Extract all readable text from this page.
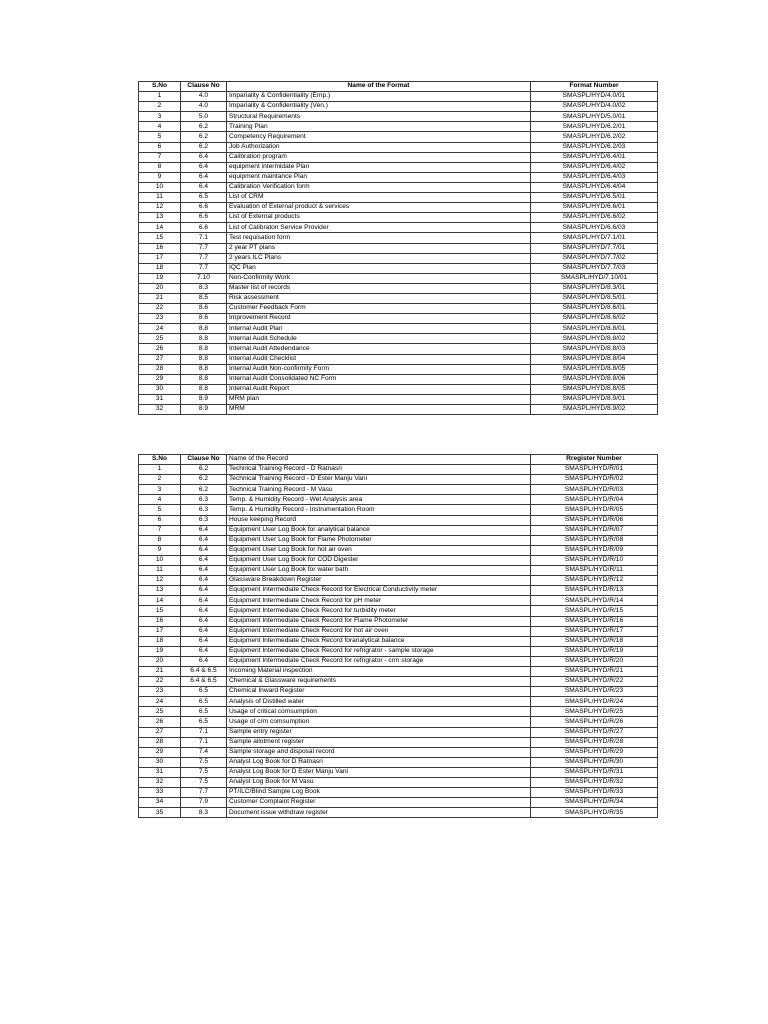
S.No	Clause No	Name of the Format	Format Number
1	4.0	Impariality & Confidentiality (Emp.)	SMASPL/HYD/4.0/01
2	4.0	Impariality & Confidentiality (Ven.)	SMASPL/HYD/4.0/02
3	5.0	Structural Requirements	SMASPL/HYD/5.0/01
4	6.2	Training Plan	SMASPL/HYD/6.2/01
5	6.2	Competency Requirement	SMASPL/HYD/6.2/02
6	6.2	Job Authorization	SMASPL/HYD/6.2/03
7	6.4	Calibration program	SMASPL/HYD/6.4/01
8	6.4	equipment intermidate Plan	SMASPL/HYD/6.4/02
9	6.4	equipment maintance Plan	SMASPL/HYD/6.4/03
10	6.4	Calibration Verification form	SMASPL/HYD/6.4/04
11	6.5	List of CRM	SMASPL/HYD/6.5/01
12	6.6	Evaluation of External product & services	SMASPL/HYD/6.6/01
13	6.6	List of External products	SMASPL/HYD/6.6/02
14	6.6	List of Calibraton Service Provider	SMASPL/HYD/6.6/03
15	7.1	Test requisation form	SMASPL/HYD/7.1/01
16	7.7	2 year PT plans	SMASPL/HYD/7.7/01
17	7.7	2 years ILC Plans	SMASPL/HYD/7.7/02
18	7.7	IQC Plan	SMASPL/HYD/7.7/03
19	7.10	Non-Confirmity Work	SMASPL/HYD/7.10/01
20	8.3	Master list of records	SMASPL/HYD/8.3/01
21	8.5	Risk assessment	SMASPL/HYD/8.5/01
22	8.6	Customer Feedback Form	SMASPL/HYD/8.6/01
23	8.6	Improvement Record	SMASPL/HYD/8.6/02
24	8.8	Internal Audit Plan	SMASPL/HYD/8.8/01
25	8.8	Internal Audit Schedule	SMASPL/HYD/8.8/02
26	8.8	Internal Audit Attedendance	SMASPL/HYD/8.8/03
27	8.8	Internal Audit Checklist	SMASPL/HYD/8.8/04
28	8.8	Internal Audit Non-confirmity Form	SMASPL/HYD/8.8/05
29	8.8	Internal Audit Consolidated NC Form	SMASPL/HYD/8.8/06
30	8.8	Internal Audit Report	SMASPL/HYD/8.8/05
31	8.9	MRM plan	SMASPL/HYD/8.9/01
32	8.9	MRM	SMASPL/HYD/8.9/02
S.No	Clause No	Name of the Record	Rregister Number
1	6.2	Technical Training Record - D Ratnasri	SMASPL/HYD/R/01
2	6.2	Technical Training Record - D Ester Manju Vani	SMASPL/HYD/R/02
3	6.2	Technical Training Record - M Vasu	SMASPL/HYD/R/03
4	6.3	Temp. & Humidity Record - Wet Analysis area	SMASPL/HYD/R/04
5	6.3	Temp. & Humidity Record - Instrumentation Room	SMASPL/HYD/R/05
6	6.3	House keeping Record	SMASPL/HYD/R/06
7	6.4	Equipment User Log Book for analytical balance	SMASPL/HYD/R/07
8	6.4	Equipment User Log Book for Flame Photometer	SMASPL/HYD/R/08
9	6.4	Equipment User Log Book for hot air oven	SMASPL/HYD/R/09
10	6.4	Equipment User Log Book for COD Digester	SMASPL/HYD/R/10
11	6.4	Equipment User Log Book for water bath	SMASPL/HYD/R/11
12	6.4	Glassware Breakdown Register	SMASPL/HYD/R/12
13	6.4	Equipment Intermediate Check Record for Electrical Conductivity meter	SMASPL/HYD/R/13
14	6.4	Equipment Intermediate Check Record for pH meter	SMASPL/HYD/R/14
15	6.4	Equipment Intermediate Check Record for turbidity meter	SMASPL/HYD/R/15
16	6.4	Equipment Intermediate Check Record for Flame Photometer	SMASPL/HYD/R/16
17	6.4	Equipment Intermediate Check Record for hot air oven	SMASPL/HYD/R/17
18	6.4	Equipment Intermediate Check Record foranalytical balance	SMASPL/HYD/R/18
19	6.4	Equipment Intermediate Check Record for refrigrator - sample storage	SMASPL/HYD/R/19
20	6.4	Equipment Intermediate Check Record for refrigrator - crm storage	SMASPL/HYD/R/20
21	6.4 & 6.5	Incoming Material inspection	SMASPL/HYD/R/21
22	6.4 & 6.5	Chemical & Glassware requirements	SMASPL/HYD/R/22
23	6.5	Chemical Inward Register	SMASPL/HYD/R/23
24	6.5	Analysis of Distilled water	SMASPL/HYD/R/24
25	6.5	Usage of critical comsumption	SMASPL/HYD/R/25
26	6.5	Usage of crm comsumption	SMASPL/HYD/R/26
27	7.1	Sample entry register	SMASPL/HYD/R/27
28	7.1	Sample allotment register	SMASPL/HYD/R/28
29	7.4	Sample storage and disposal record	SMASPL/HYD/R/29
30	7.5	Analyst Log Book for D Ratnasri	SMASPL/HYD/R/30
31	7.5	Analyst Log Book for D Ester Manju Vani	SMASPL/HYD/R/31
32	7.5	Analyst Log Book for M Vasu	SMASPL/HYD/R/32
33	7.7	PT/ILC/Blind Sample Log Book	SMASPL/HYD/R/33
34	7.9	Customer Complaint Register	SMASPL/HYD/R/34
35	8.3	Document issue withdraw register	SMASPL/HYD/R/35
